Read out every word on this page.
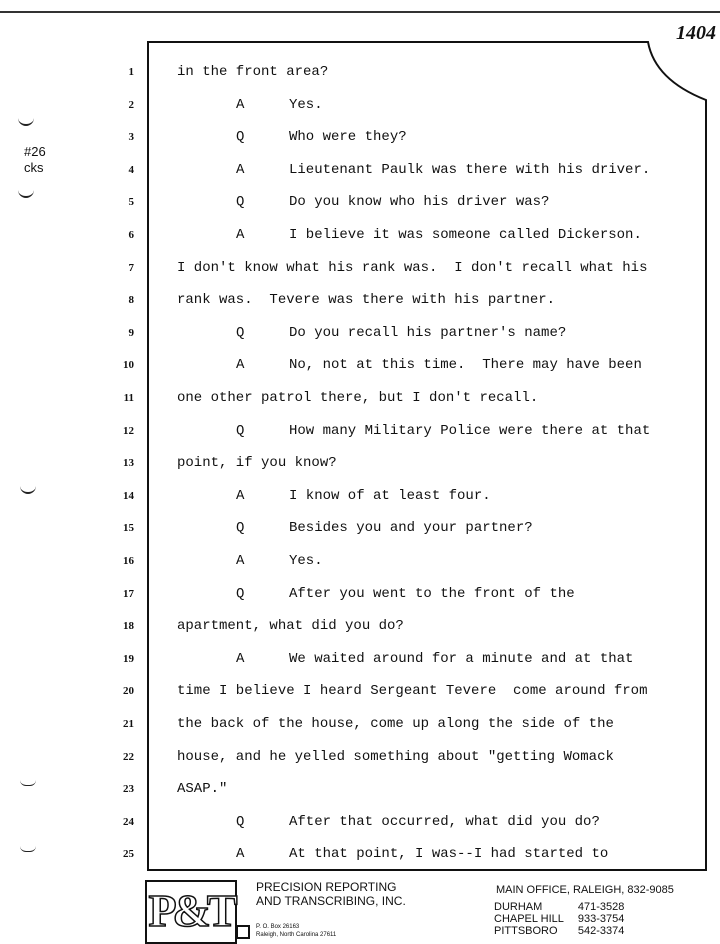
1404
#26
cks
1	in the front area?
2	A	Yes.
3	Q	Who were they?
4	A	Lieutenant Paulk was there with his driver.
5	Q	Do you know who his driver was?
6	A	I believe it was someone called Dickerson.
7	I don't know what his rank was.  I don't recall what his
8	rank was.  Tevere was there with his partner.
9	Q	Do you recall his partner's name?
10	A	No, not at this time.  There may have been
11	one other patrol there, but I don't recall.
12	Q	How many Military Police were there at that
13	point, if you know?
14	A	I know of at least four.
15	Q	Besides you and your partner?
16	A	Yes.
17	Q	After you went to the front of the
18	apartment, what did you do?
19	A	We waited around for a minute and at that
20	time I believe I heard Sergeant Tevere  come around from
21	the back of the house, come up along the side of the
22	house, and he yelled something about "getting Womack
23	ASAP."
24	Q	After that occurred, what did you do?
25	A	At that point, I was--I had started to
P&T PRECISION REPORTING
AND TRANSCRIBING, INC.
P. O. Box 26163
Raleigh, North Carolina 27611
MAIN OFFICE, RALEIGH, 832-9085
DURHAM	471-3528
CHAPEL HILL	933-3754
PITTSBORO	542-3374
